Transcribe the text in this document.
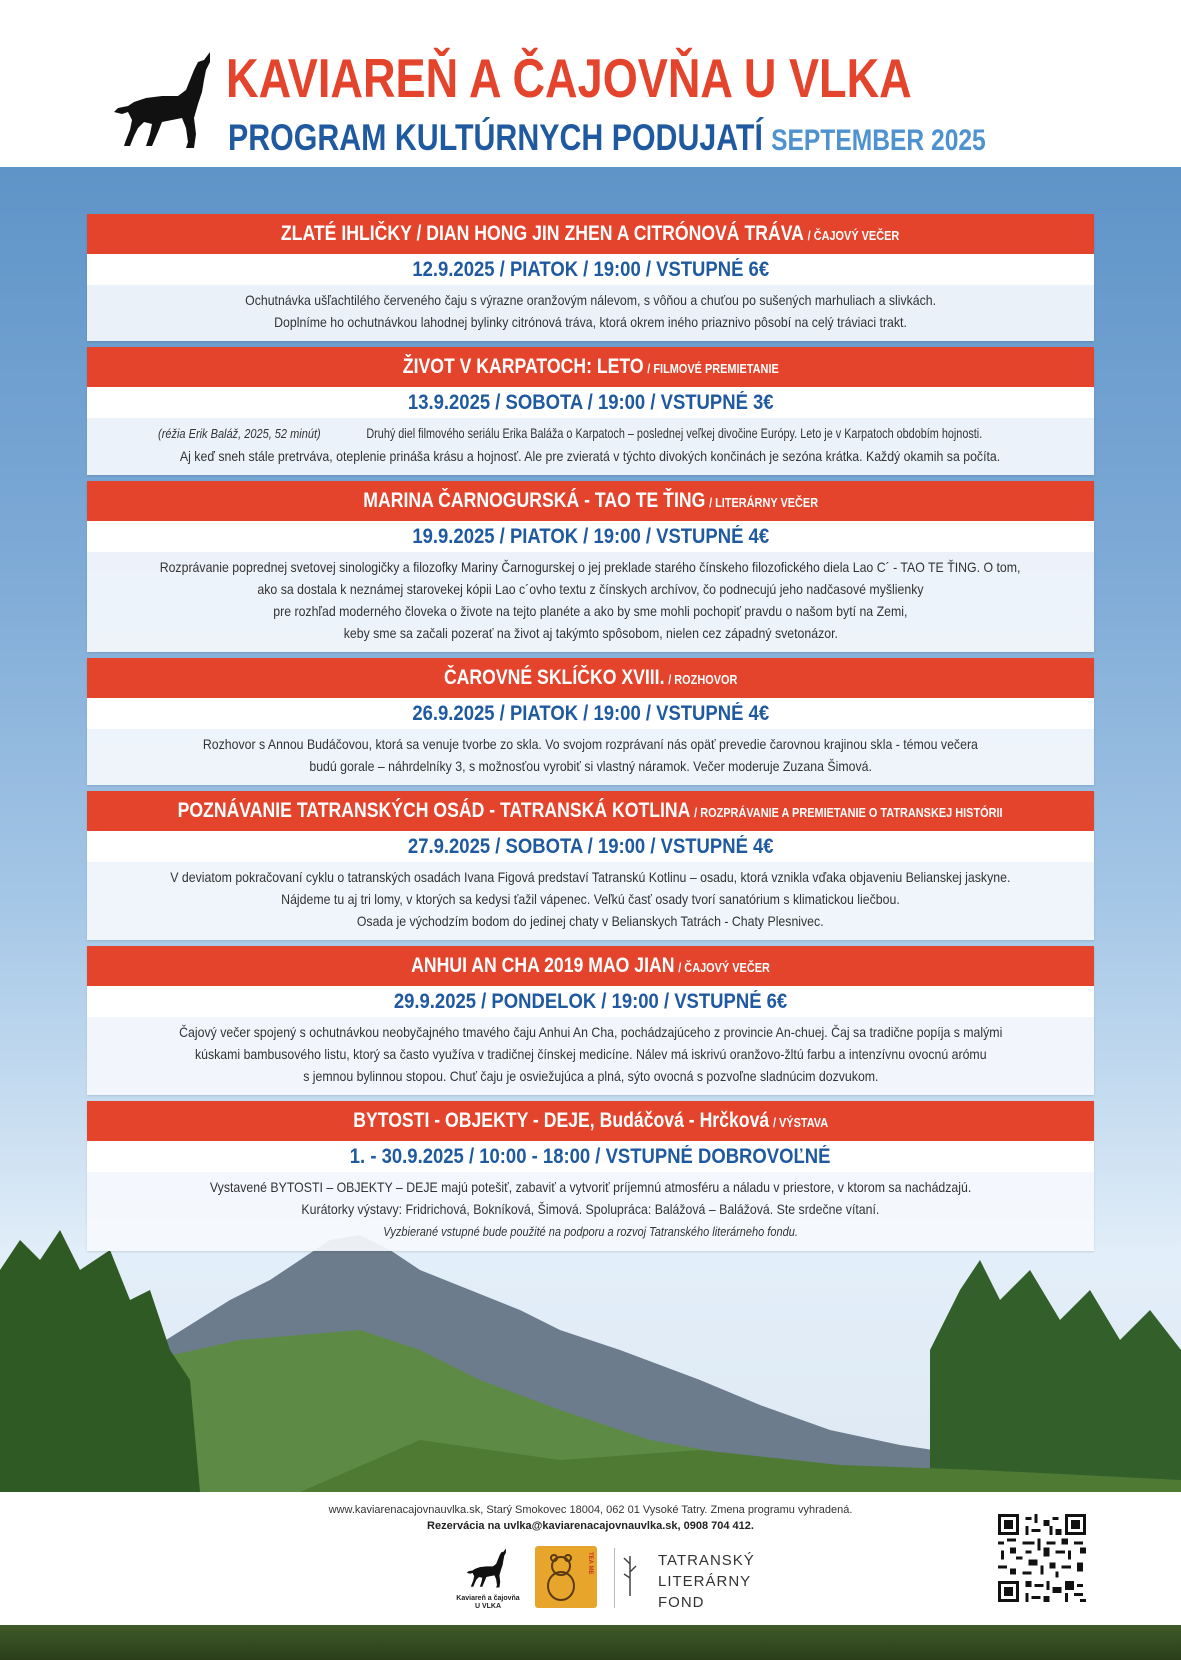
KAVIAREŇ A ČAJOVŇA U VLKA
PROGRAM KULTÚRNYCH PODUJATÍ SEPTEMBER 2025
ZLATÉ IHLIČKY / DIAN HONG JIN ZHEN A CITRÓNOVÁ TRÁVA / ČAJOVÝ VEČER
12.9.2025 / PIATOK / 19:00 / VSTUPNÉ 6€
Ochutnávka ušľachtilého červeného čaju s výrazne oranžovým nálevom, s vôňou a chuťou po sušených marhuliach a slivkách.
Doplníme ho ochutnávkou lahodnej bylinky citrónová tráva, ktorá okrem iného priaznivo pôsobí na celý tráviaci trakt.
ŽIVOT V KARPATOCH: LETO / FILMOVÉ PREMIETANIE
13.9.2025 / SOBOTA / 19:00 / VSTUPNÉ 3€
(réžia Erik Baláž, 2025, 52 minút)	Druhý diel filmového seriálu Erika Baláža o Karpatoch – poslednej veľkej divočine Európy. Leto je v Karpatoch obdobím hojnosti.
Aj keď sneh stále pretrváva, oteplenie prináša krásu a hojnosť. Ale pre zvieratá v týchto divokých končinách je sezóna krátka. Každý okamih sa počíta.
MARINA ČARNOGURSKÁ - TAO TE ŤING / LITERÁRNY VEČER
19.9.2025 / PIATOK / 19:00 / VSTUPNÉ 4€
Rozprávanie poprednej svetovej sinologičky a filozofky Mariny Čarnogurskej o jej preklade starého čínskeho filozofického diela Lao C´ - TAO TE ŤING. O tom,
ako sa dostala k neznámej starovekej kópii Lao c´ovho textu z čínskych archívov, čo podnecujú jeho nadčasové myšlienky
pre rozhľad moderného človeka o živote na tejto planéte a ako by sme mohli pochopiť pravdu o našom bytí na Zemi,
keby sme sa začali pozerať na život aj takýmto spôsobom, nielen cez západný svetonázor.
ČAROVNÉ SKLÍČKO XVIII. / ROZHOVOR
26.9.2025 / PIATOK / 19:00 / VSTUPNÉ 4€
Rozhovor s Annou Budáčovou, ktorá sa venuje tvorbe zo skla. Vo svojom rozprávaní nás opäť prevedie čarovnou krajinou skla - témou večera
budú gorale – náhrdelníky 3, s možnosťou vyrobiť si vlastný náramok. Večer moderuje Zuzana Šimová.
POZNÁVANIE TATRANSKÝCH OSÁD - TATRANSKÁ KOTLINA / ROZPRÁVANIE A PREMIETANIE O TATRANSKEJ HISTÓRII
27.9.2025 / SOBOTA / 19:00 / VSTUPNÉ 4€
V deviatom pokračovaní cyklu o tatranských osadách Ivana Figová predstaví Tatranskú Kotlinu – osadu, ktorá vznikla vďaka objaveniu Belianskej jaskyne.
Nájdeme tu aj tri lomy, v ktorých sa kedysi ťažil vápenec. Veľkú časť osady tvorí sanatórium s klimatickou liečbou.
Osada je východzím bodom do jedinej chaty v Belianskych Tatrách - Chaty Plesnivec.
ANHUI AN CHA 2019 MAO JIAN / ČAJOVÝ VEČER
29.9.2025 / PONDELOK / 19:00 / VSTUPNÉ 6€
Čajový večer spojený s ochutnávkou neobyčajného tmavého čaju Anhui An Cha, pochádzajúceho z provincie An-chuej. Čaj sa tradične popíja s malými
kúskami bambusového listu, ktorý sa často využíva v tradičnej čínskej medicíne. Nálev má iskrivú oranžovo-žltú farbu a intenzívnu ovocnú arómu
s jemnou bylinnou stopou. Chuť čaju je osviežujúca a plná, sýto ovocná s pozvoľne sladnúcim dozvukom.
BYTOSTI - OBJEKTY - DEJE, Budáčová - Hrčková / VÝSTAVA
1. - 30.9.2025 / 10:00 - 18:00 / VSTUPNÉ DOBROVOĽNÉ
Vystavené BYTOSTI – OBJEKTY – DEJE majú potešiť, zabaviť a vytvoriť príjemnú atmosféru a náladu v priestore, v ktorom sa nachádzajú.
Kurátorky výstavy: Fridrichová, Bokníková, Šimová. Spolupráca: Balážová – Balážová. Ste srdečne vítaní.
Vyzbierané vstupné bude použité na podporu a rozvoj Tatranského literárneho fondu.
www.kaviarenacajovnauvlka.sk, Starý Smokovec 18004, 062 01 Vysoké Tatry. Zmena programu vyhradená.
Rezervácia na uvlka@kaviarenacajovnauvlka.sk, 0908 704 412.
Kaviareň a čajovňa
U VLKA
TEA ME	TATRANSKÝ
LITERÁRNY
FOND
